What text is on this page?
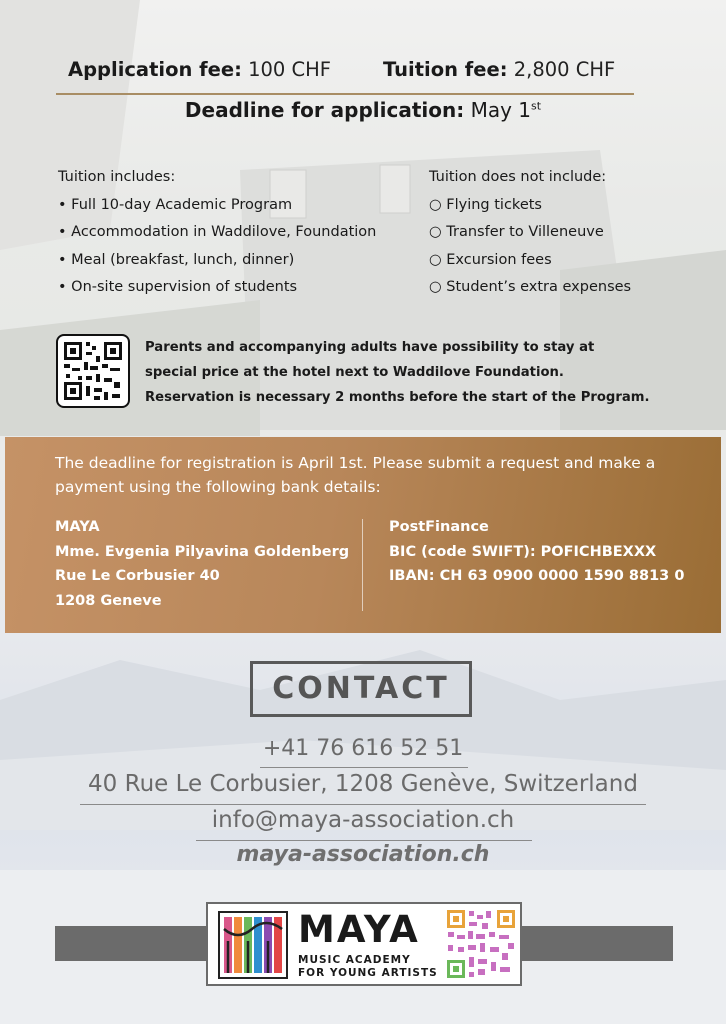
Application fee: 100 CHF	Tuition fee: 2,800 CHF
Deadline for application: May 1st
Tuition includes:
• Full 10-day Academic Program
• Accommodation in Waddilove, Foundation
• Meal (breakfast, lunch, dinner)
• On-site supervision of students
Tuition does not include:
○ Flying tickets
○ Transfer to Villeneuve
○ Excursion fees
○ Student’s extra expenses
Parents and accompanying adults have possibility to stay at
special price at the hotel next to Waddilove Foundation.
Reservation is necessary 2 months before the start of the Program.
The deadline for registration is April 1st. Please submit a request and make a payment using the following bank details:
MAYA
Mme. Evgenia Pilyavina Goldenberg
Rue Le Corbusier 40
1208 Geneve
PostFinance
BIC (code SWIFT): POFICHBEXXX
IBAN: CH 63 0900 0000 1590 8813 0
CONTACT
+41 76 616 52 51
40 Rue Le Corbusier, 1208 Genève, Switzerland
info@maya-association.ch
maya-association.ch
MAYA
MUSIC ACADEMY
FOR YOUNG ARTISTS
